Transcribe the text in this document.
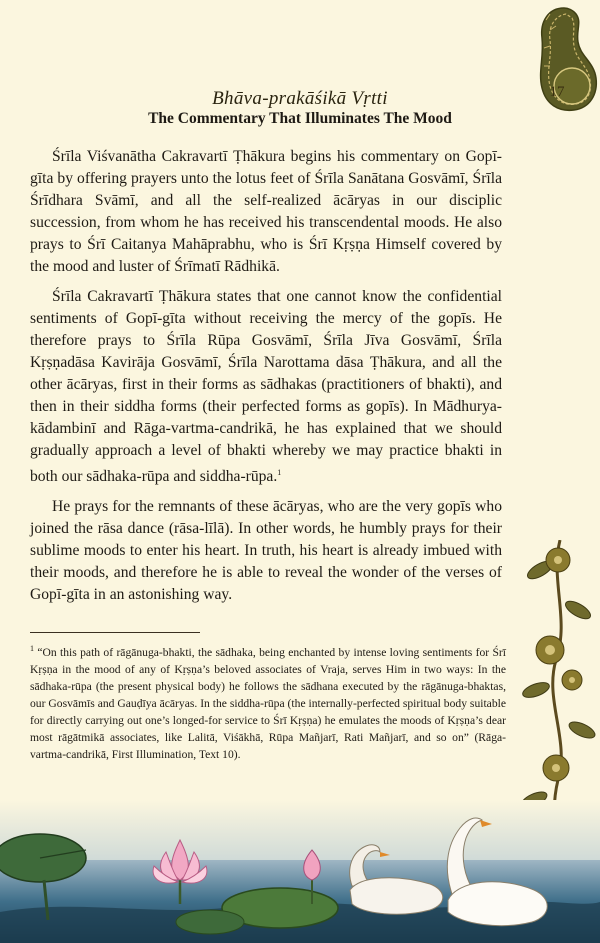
17
Bhāva-prakāśikā Vṛtti
The Commentary That Illuminates The Mood

Śrīla Viśvanātha Cakravartī Ṭhākura begins his commentary on Gopī-gīta by offering prayers unto the lotus feet of Śrīla Sanātana Gosvāmī, Śrīla Śrīdhara Svāmī, and all the self-realized ācāryas in our disciplic succession, from whom he has received his transcendental moods. He also prays to Śrī Caitanya Mahāprabhu, who is Śrī Kṛṣṇa Himself covered by the mood and luster of Śrīmatī Rādhikā.

Śrīla Cakravartī Ṭhākura states that one cannot know the confidential sentiments of Gopī-gīta without receiving the mercy of the gopīs. He therefore prays to Śrīla Rūpa Gosvāmī, Śrīla Jīva Gosvāmī, Śrīla Kṛṣṇadāsa Kavirāja Gosvāmī, Śrīla Narottama dāsa Ṭhākura, and all the other ācāryas, first in their forms as sādhakas (practitioners of bhakti), and then in their siddha forms (their perfected forms as gopīs). In Mādhurya-kādambinī and Rāga-vartma-candrikā, he has explained that we should gradually approach a level of bhakti whereby we may practice bhakti in both our sādhaka-rūpa and siddha-rūpa.$^1$

He prays for the remnants of these ācāryas, who are the very gopīs who joined the rāsa dance (rāsa-līlā). In other words, he humbly prays for their sublime moods to enter his heart. In truth, his heart is already imbued with their moods, and therefore he is able to reveal the wonder of the verses of Gopī-gīta in an astonishing way.

$^1$ “On this path of rāgānuga-bhakti, the sādhaka, being enchanted by intense loving sentiments for Śrī Kṛṣṇa in the mood of any of Kṛṣṇa’s beloved associates of Vraja, serves Him in two ways: In the sādhaka-rūpa (the present physical body) he follows the sādhana executed by the rāgānuga-bhaktas, our Gosvāmīs and Gauḍīya ācāryas. In the siddha-rūpa (the internally-perfected spiritual body suitable for directly carrying out one’s longed-for service to Śrī Kṛṣṇa) he emulates the moods of Kṛṣṇa’s dear most rāgātmikā associates, like Lalitā, Viśākhā, Rūpa Mañjarī, Rati Mañjarī, and so on” (Rāga-vartma-candrikā, First Illumination, Text 10).
